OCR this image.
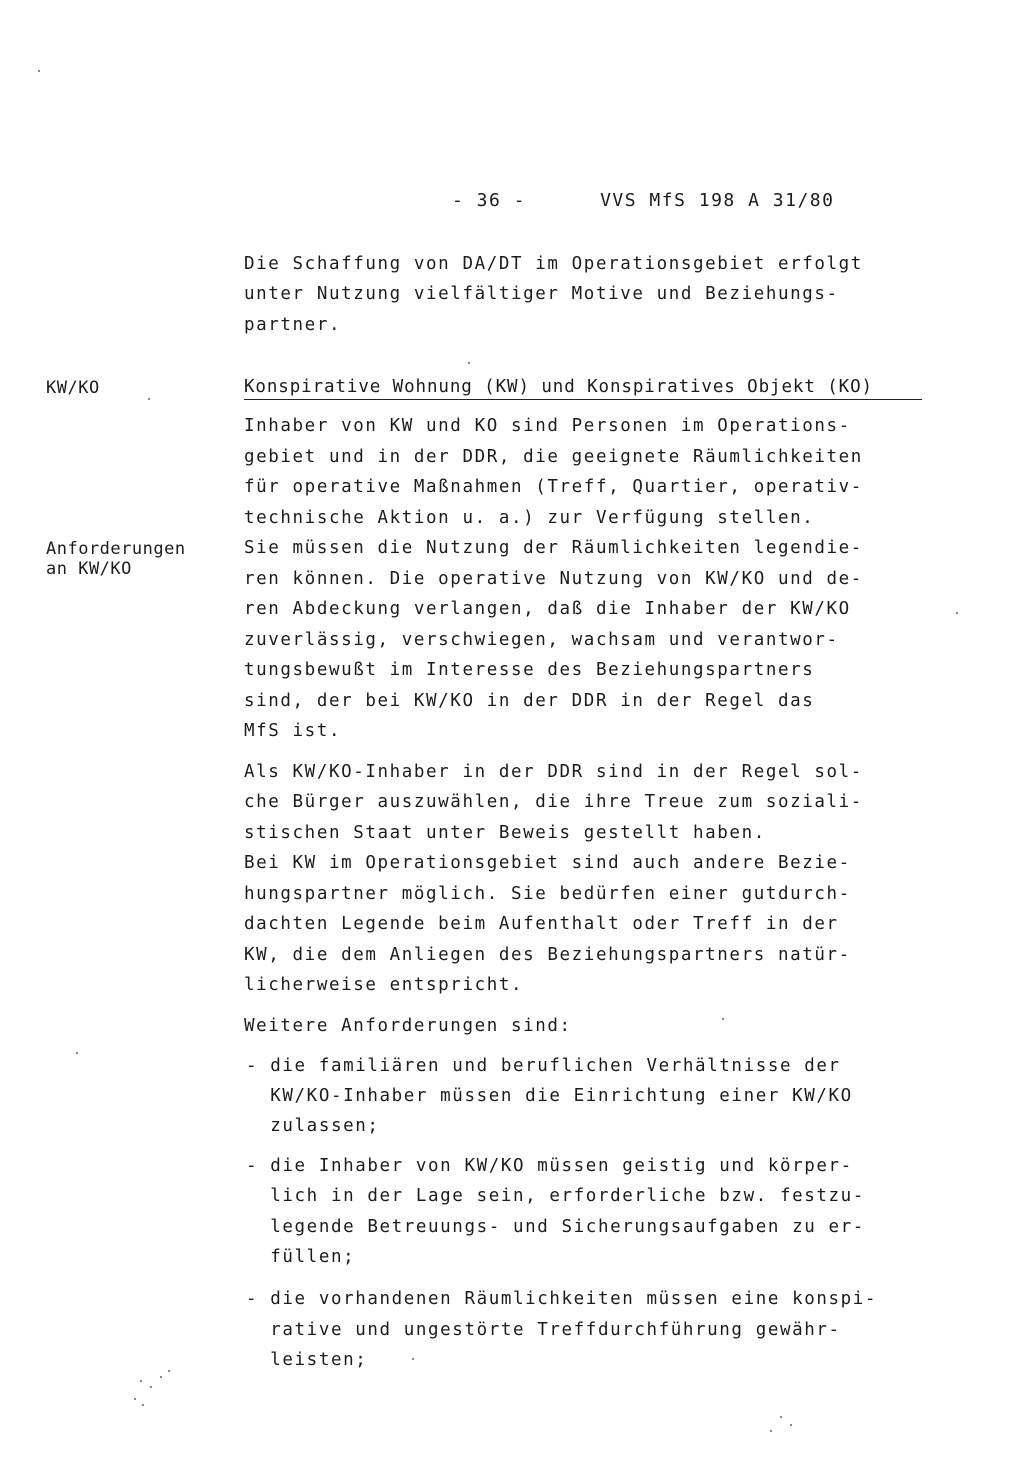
- 36 -	VVS MfS 198 A 31/80
Die Schaffung von DA/DT im Operationsgebiet erfolgt
unter Nutzung vielfältiger Motive und Beziehungs-
partner.
KW/KO	Konspirative Wohnung (KW) und Konspiratives Objekt (KO)
Inhaber von KW und KO sind Personen im Operations-
gebiet und in der DDR, die geeignete Räumlichkeiten
für operative Maßnahmen (Treff, Quartier, operativ-
technische Aktion u. a.) zur Verfügung stellen.
Anforderungen
an KW/KO
Sie müssen die Nutzung der Räumlichkeiten legendie-
ren können. Die operative Nutzung von KW/KO und de-
ren Abdeckung verlangen, daß die Inhaber der KW/KO
zuverlässig, verschwiegen, wachsam und verantwor-
tungsbewußt im Interesse des Beziehungspartners
sind, der bei KW/KO in der DDR in der Regel das
MfS ist.
Als KW/KO-Inhaber in der DDR sind in der Regel sol-
che Bürger auszuwählen, die ihre Treue zum soziali-
stischen Staat unter Beweis gestellt haben.
Bei KW im Operationsgebiet sind auch andere Bezie-
hungspartner möglich. Sie bedürfen einer gutdurch-
dachten Legende beim Aufenthalt oder Treff in der
KW, die dem Anliegen des Beziehungspartners natür-
licherweise entspricht.
Weitere Anforderungen sind:
- die familiären und beruflichen Verhältnisse der
KW/KO-Inhaber müssen die Einrichtung einer KW/KO
zulassen;
- die Inhaber von KW/KO müssen geistig und körper-
lich in der Lage sein, erforderliche bzw. festzu-
legende Betreuungs- und Sicherungsaufgaben zu er-
füllen;
- die vorhandenen Räumlichkeiten müssen eine konspi-
rative und ungestörte Treffdurchführung gewähr-
leisten;
